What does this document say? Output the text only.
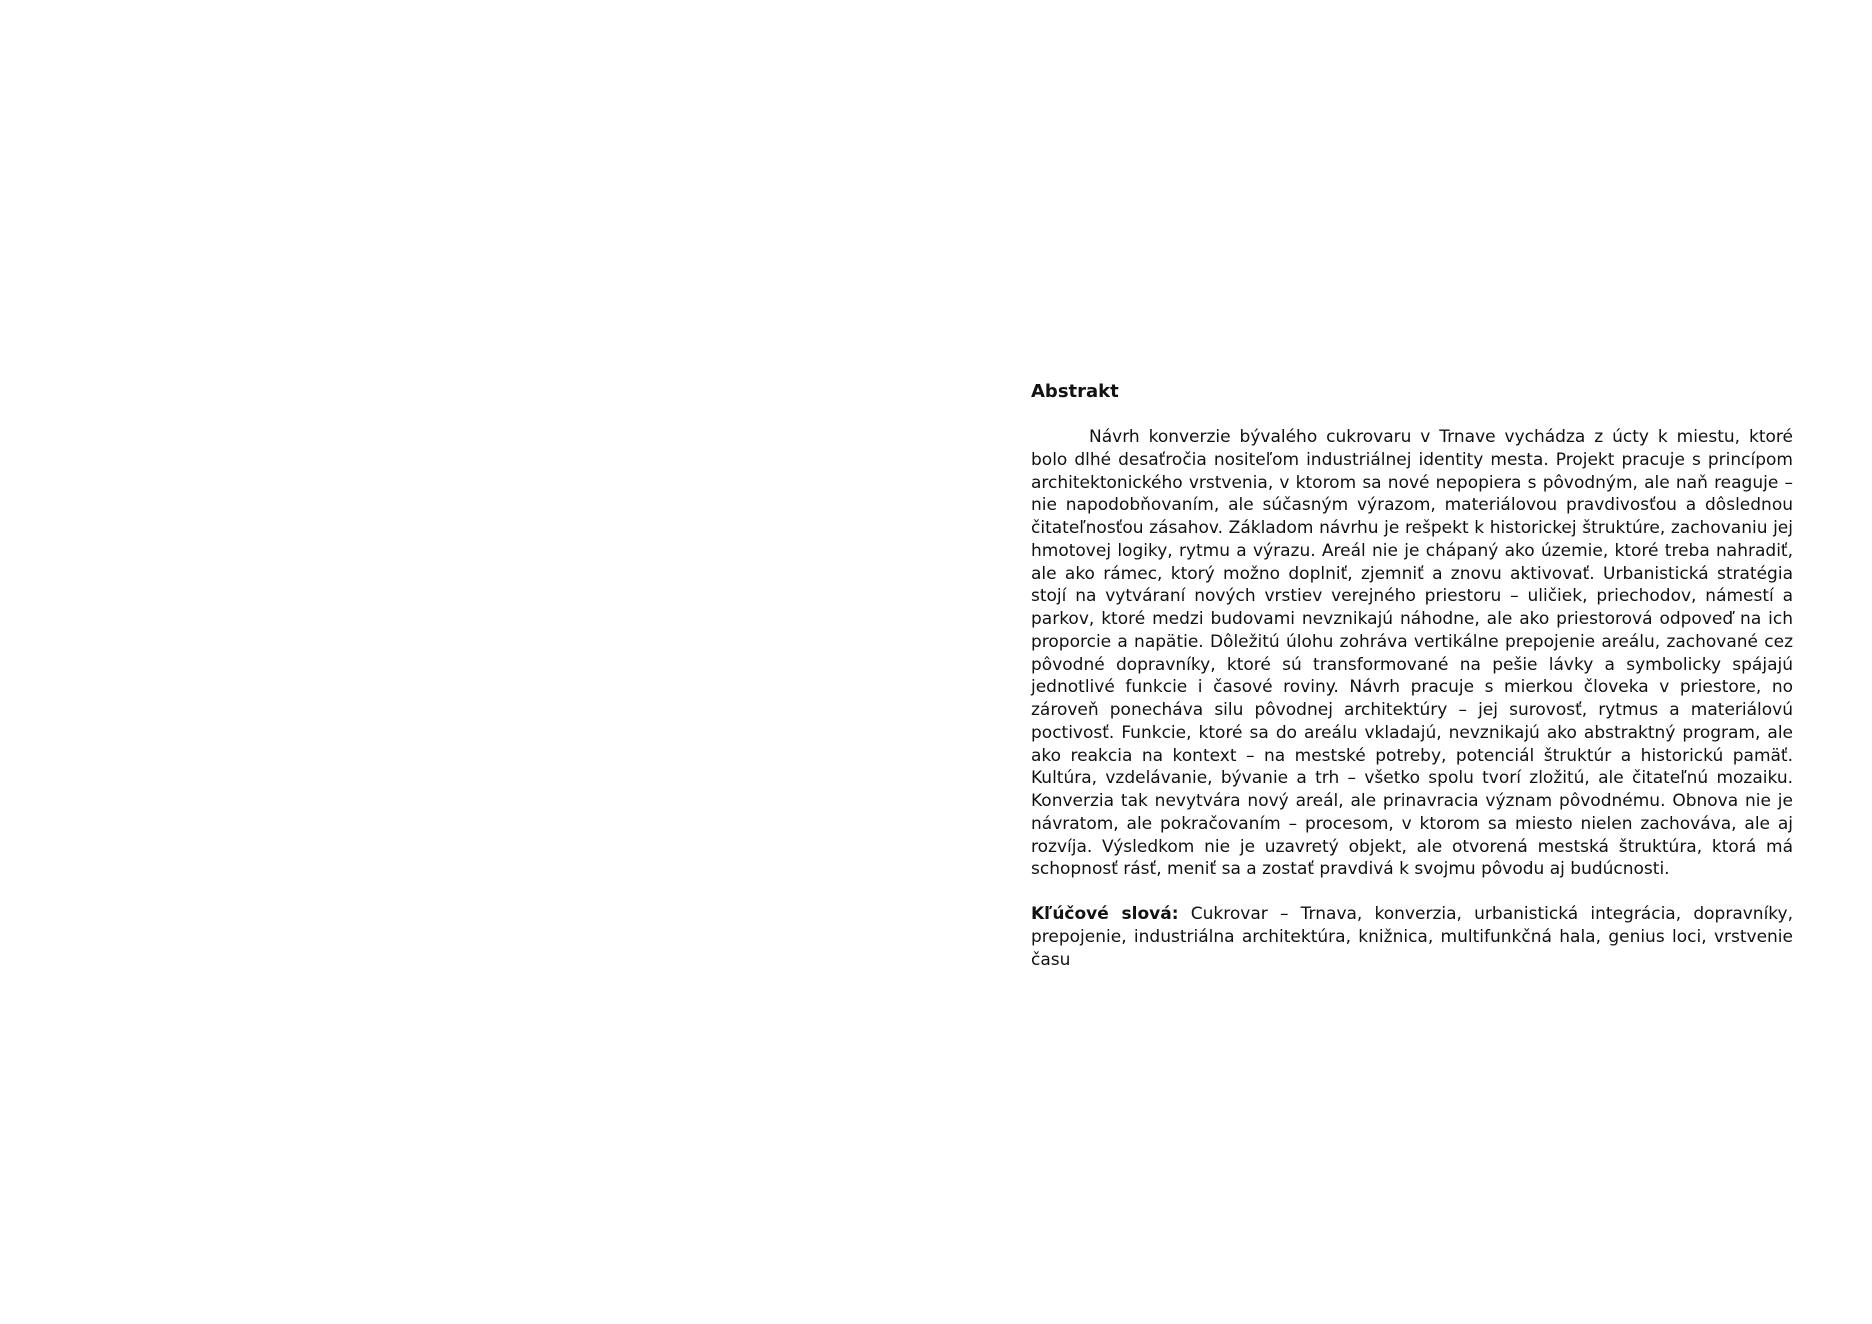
Abstrakt

Návrh konverzie bývalého cukrovaru v Trnave vychádza z úcty k miestu, ktoré bolo dlhé desaťročia nositeľom industriálnej identity mesta. Projekt pracuje s princípom architektonického vrstvenia, v ktorom sa nové nepopiera s pôvodným, ale naň reaguje – nie napodobňovaním, ale súčasným výrazom, materiálovou pravdivosťou a dôslednou čitateľnosťou zásahov. Základom návrhu je rešpekt k historickej štruktúre, zachovaniu jej hmotovej logiky, rytmu a výrazu. Areál nie je chápaný ako územie, ktoré treba nahradiť, ale ako rámec, ktorý možno doplniť, zjemniť a znovu aktivovať. Urbanistická stratégia stojí na vytváraní nových vrstiev verejného priestoru – uličiek, priechodov, námestí a parkov, ktoré medzi budovami nevznikajú náhodne, ale ako priestorová odpoveď na ich proporcie a napätie. Dôležitú úlohu zohráva vertikálne prepojenie areálu, zachované cez pôvodné dopravníky, ktoré sú transformované na pešie lávky a symbolicky spájajú jednotlivé funkcie i časové roviny. Návrh pracuje s mierkou človeka v priestore, no zároveň ponecháva silu pôvodnej architektúry – jej surovosť, rytmus a materiálovú poctivosť. Funkcie, ktoré sa do areálu vkladajú, nevznikajú ako abstraktný program, ale ako reakcia na kontext – na mestské potreby, potenciál štruktúr a historickú pamäť. Kultúra, vzdelávanie, bývanie a trh – všetko spolu tvorí zložitú, ale čitateľnú mozaiku. Konverzia tak nevytvára nový areál, ale prinavracia význam pôvodnému. Obnova nie je návratom, ale pokračovaním – procesom, v ktorom sa miesto nielen zachováva, ale aj rozvíja. Výsledkom nie je uzavretý objekt, ale otvorená mestská štruktúra, ktorá má schopnosť rásť, meniť sa a zostať pravdivá k svojmu pôvodu aj budúcnosti.

Kľúčové slová: Cukrovar – Trnava, konverzia, urbanistická integrácia, dopravníky, prepojenie, industriálna architektúra, knižnica, multifunkčná hala, genius loci, vrstvenie času
